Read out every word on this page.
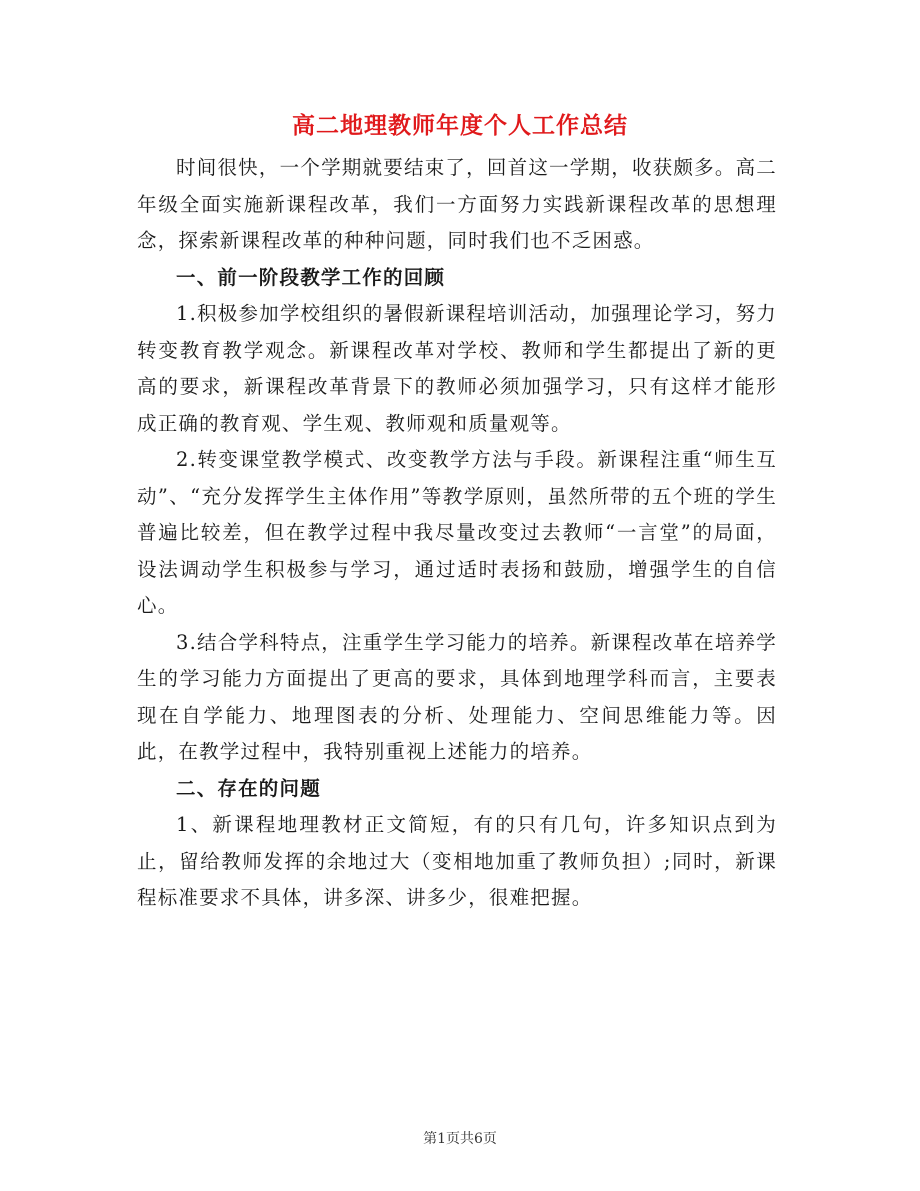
高二地理教师年度个人工作总结

时间很快，一个学期就要结束了，回首这一学期，收获颇多。高二年级全面实施新课程改革，我们一方面努力实践新课程改革的思想理念，探索新课程改革的种种问题，同时我们也不乏困惑。

一、前一阶段教学工作的回顾

1.积极参加学校组织的暑假新课程培训活动，加强理论学习，努力转变教育教学观念。新课程改革对学校、教师和学生都提出了新的更高的要求，新课程改革背景下的教师必须加强学习，只有这样才能形成正确的教育观、学生观、教师观和质量观等。

2.转变课堂教学模式、改变教学方法与手段。新课程注重“师生互动”、“充分发挥学生主体作用”等教学原则，虽然所带的五个班的学生普遍比较差，但在教学过程中我尽量改变过去教师“一言堂”的局面，设法调动学生积极参与学习，通过适时表扬和鼓励，增强学生的自信心。

3.结合学科特点，注重学生学习能力的培养。新课程改革在培养学生的学习能力方面提出了更高的要求，具体到地理学科而言，主要表现在自学能力、地理图表的分析、处理能力、空间思维能力等。因此，在教学过程中，我特别重视上述能力的培养。

二、存在的问题

1、新课程地理教材正文简短，有的只有几句，许多知识点到为止，留给教师发挥的余地过大（变相地加重了教师负担）;同时，新课程标准要求不具体，讲多深、讲多少，很难把握。

第1页共6页
